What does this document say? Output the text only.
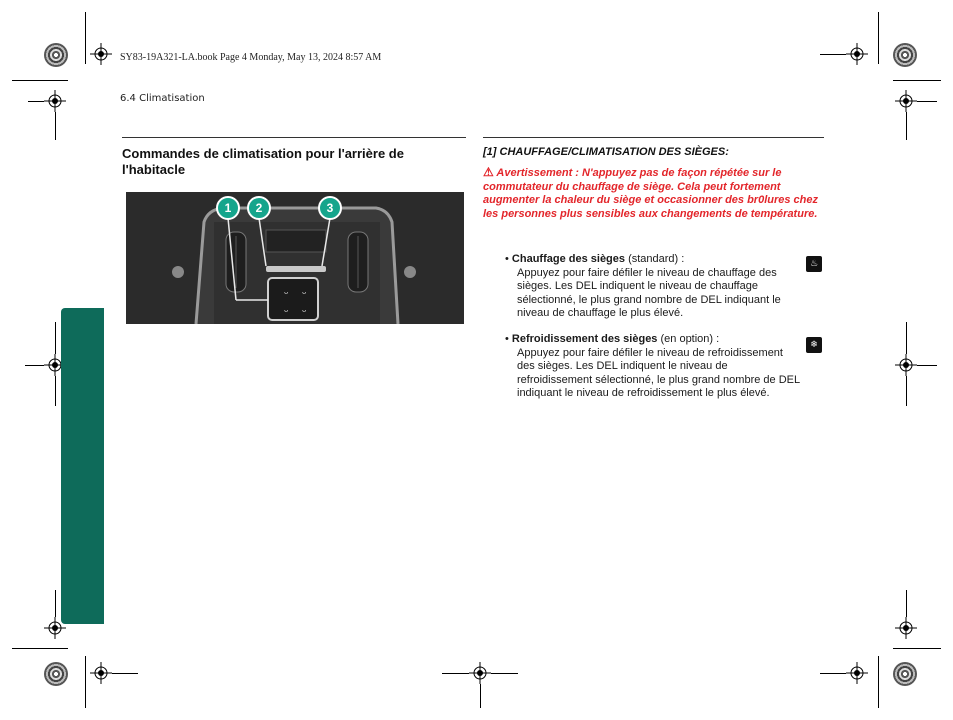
SY83-19A321-LA.book Page 4 Monday, May 13, 2024 8:57 AM
6.4 Climatisation
Commandes de climatisation pour l'arrière de l'habitacle
ᴗ ᴗ
ᴗ ᴗ
1	2	3
[1] CHAUFFAGE/CLIMATISATION DES SIÈGES:
⚠ Avertissement : N'appuyez pas de façon répétée sur le commutateur du chauffage de siège. Cela peut fortement augmenter la chaleur du siège et occasionner des br0lures chez les personnes plus sensibles aux changements de température.
• Chauffage des sièges (standard) :
Appuyez pour faire défiler le niveau de chauffage des sièges. Les DEL indiquent le niveau de chauffage sélectionné, le plus grand nombre de DEL indiquant le niveau de chauffage le plus élevé.
♨
• Refroidissement des sièges (en option) :
Appuyez pour faire défiler le niveau de refroidissement des sièges. Les DEL indiquent le niveau de refroidissement sélectionné, le plus grand nombre de DEL indiquant le niveau de refroidissement le plus élevé.
❄
